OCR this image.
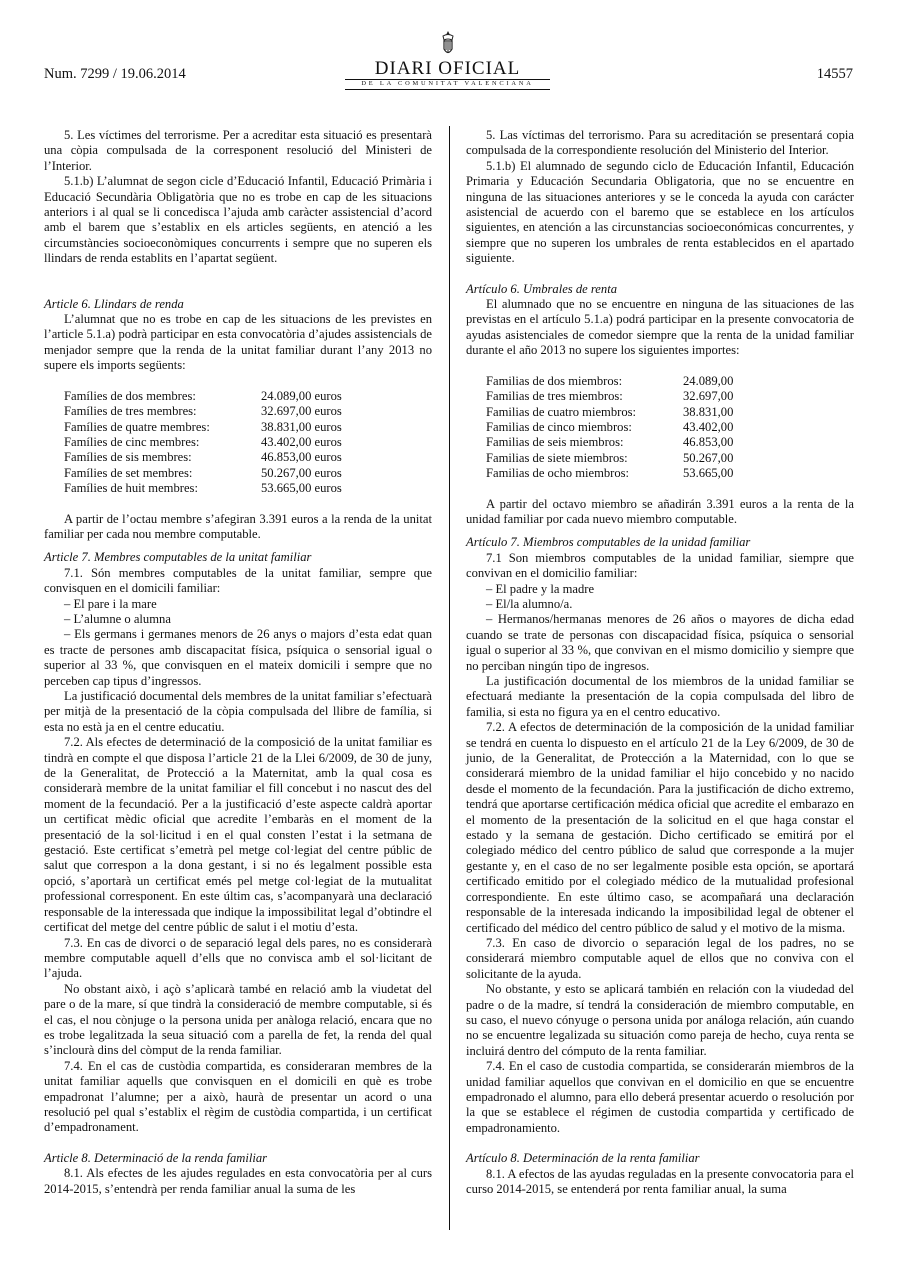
Num. 7299 / 19.06.2014	DIARI OFICIAL
DE LA COMUNITAT VALENCIANA
14557

5. Les víctimes del terrorisme. Per a acreditar esta situació es presentarà una còpia compulsada de la corresponent resolució del Ministeri de l’Interior.

5.1.b) L’alumnat de segon cicle d’Educació Infantil, Educació Primària i Educació Secundària Obligatòria que no es trobe en cap de les situacions anteriors i al qual se li concedisca l’ajuda amb caràcter assistencial d’acord amb el barem que s’establix en els articles següents, en atenció a les circumstàncies socioeconòmiques concurrents i sempre que no superen els llindars de renda establits en l’apartat següent.

Article 6. Llindars de renda

L’alumnat que no es trobe en cap de les situacions de les previstes en l’article 5.1.a) podrà participar en esta convocatòria d’ajudes assistencials de menjador sempre que la renda de la unitat familiar durant l’any 2013 no supere els imports següents:

Famílies de dos membres:	24.089,00 euros
Famílies de tres membres:	32.697,00 euros
Famílies de quatre membres:	38.831,00 euros
Famílies de cinc membres:	43.402,00 euros
Famílies de sis membres:	46.853,00 euros
Famílies de set membres:	50.267,00 euros
Famílies de huit membres:	53.665,00 euros

A partir de l’octau membre s’afegiran 3.391 euros a la renda de la unitat familiar per cada nou membre computable.

Article 7. Membres computables de la unitat familiar

7.1. Són membres computables de la unitat familiar, sempre que convisquen en el domicili familiar:

– El pare i la mare

– L’alumne o alumna

– Els germans i germanes menors de 26 anys o majors d’esta edat quan es tracte de persones amb discapacitat física, psíquica o sensorial igual o superior al 33 %, que convisquen en el mateix domicili i sempre que no perceben cap tipus d’ingressos.

La justificació documental dels membres de la unitat familiar s’efectuarà per mitjà de la presentació de la còpia compulsada del llibre de família, si esta no està ja en el centre educatiu.

7.2. Als efectes de determinació de la composició de la unitat familiar es tindrà en compte el que disposa l’article 21 de la Llei 6/2009, de 30 de juny, de la Generalitat, de Protecció a la Maternitat, amb la qual cosa es considerarà membre de la unitat familiar el fill concebut i no nascut des del moment de la fecundació. Per a la justificació d’este aspecte caldrà aportar un certificat mèdic oficial que acredite l’embaràs en el moment de la presentació de la sol·licitud i en el qual consten l’estat i la setmana de gestació. Este certificat s’emetrà pel metge col·legiat del centre públic de salut que correspon a la dona gestant, i si no és legalment possible esta opció, s’aportarà un certificat emés pel metge col·legiat de la mutualitat professional corresponent. En este últim cas, s’acompanyarà una declaració responsable de la interessada que indique la impossibilitat legal d’obtindre el certificat del metge del centre públic de salut i el motiu d’esta.

7.3. En cas de divorci o de separació legal dels pares, no es considerarà membre computable aquell d’ells que no convisca amb el sol·licitant de l’ajuda.

No obstant això, i açò s’aplicarà també en relació amb la viudetat del pare o de la mare, sí que tindrà la consideració de membre computable, si és el cas, el nou cònjuge o la persona unida per anàloga relació, encara que no es trobe legalitzada la seua situació com a parella de fet, la renda del qual s’inclourà dins del còmput de la renda familiar.

7.4. En el cas de custòdia compartida, es consideraran membres de la unitat familiar aquells que convisquen en el domicili en què es trobe empadronat l’alumne; per a això, haurà de presentar un acord o una resolució pel qual s’establix el règim de custòdia compartida, i un certificat d’empadronament.

Article 8. Determinació de la renda familiar

8.1. Als efectes de les ajudes regulades en esta convocatòria per al curs 2014-2015, s’entendrà per renda familiar anual la suma de les

5. Las víctimas del terrorismo. Para su acreditación se presentará copia compulsada de la correspondiente resolución del Ministerio del Interior.

5.1.b) El alumnado de segundo ciclo de Educación Infantil, Educación Primaria y Educación Secundaria Obligatoria, que no se encuentre en ninguna de las situaciones anteriores y se le conceda la ayuda con carácter asistencial de acuerdo con el baremo que se establece en los artículos siguientes, en atención a las circunstancias socioeconómicas concurrentes, y siempre que no superen los umbrales de renta establecidos en el apartado siguiente.

Artículo 6. Umbrales de renta

El alumnado que no se encuentre en ninguna de las situaciones de las previstas en el artículo 5.1.a) podrá participar en la presente convocatoria de ayudas asistenciales de comedor siempre que la renta de la unidad familiar durante el año 2013 no supere los siguientes importes:

Familias de dos miembros:	24.089,00
Familias de tres miembros:	32.697,00
Familias de cuatro miembros:	38.831,00
Familias de cinco miembros:	43.402,00
Familias de seis miembros:	46.853,00
Familias de siete miembros:	50.267,00
Familias de ocho miembros:	53.665,00

A partir del octavo miembro se añadirán 3.391 euros a la renta de la unidad familiar por cada nuevo miembro computable.

Artículo 7. Miembros computables de la unidad familiar

7.1 Son miembros computables de la unidad familiar, siempre que convivan en el domicilio familiar:

– El padre y la madre

– El/la alumno/a.

– Hermanos/hermanas menores de 26 años o mayores de dicha edad cuando se trate de personas con discapacidad física, psíquica o sensorial igual o superior al 33 %, que convivan en el mismo domicilio y siempre que no perciban ningún tipo de ingresos.

La justificación documental de los miembros de la unidad familiar se efectuará mediante la presentación de la copia compulsada del libro de familia, si esta no figura ya en el centro educativo.

7.2. A efectos de determinación de la composición de la unidad familiar se tendrá en cuenta lo dispuesto en el artículo 21 de la Ley 6/2009, de 30 de junio, de la Generalitat, de Protección a la Maternidad, con lo que se considerará miembro de la unidad familiar el hijo concebido y no nacido desde el momento de la fecundación. Para la justificación de dicho extremo, tendrá que aportarse certificación médica oficial que acredite el embarazo en el momento de la presentación de la solicitud en el que haga constar el estado y la semana de gestación. Dicho certificado se emitirá por el colegiado médico del centro público de salud que corresponde a la mujer gestante y, en el caso de no ser legalmente posible esta opción, se aportará certificado emitido por el colegiado médico de la mutualidad profesional correspondiente. En este último caso, se acompañará una declaración responsable de la interesada indicando la imposibilidad legal de obtener el certificado del médico del centro público de salud y el motivo de la misma.

7.3. En caso de divorcio o separación legal de los padres, no se considerará miembro computable aquel de ellos que no conviva con el solicitante de la ayuda.

No obstante, y esto se aplicará también en relación con la viudedad del padre o de la madre, sí tendrá la consideración de miembro computable, en su caso, el nuevo cónyuge o persona unida por análoga relación, aún cuando no se encuentre legalizada su situación como pareja de hecho, cuya renta se incluirá dentro del cómputo de la renta familiar.

7.4. En el caso de custodia compartida, se considerarán miembros de la unidad familiar aquellos que convivan en el domicilio en que se encuentre empadronado el alumno, para ello deberá presentar acuerdo o resolución por la que se establece el régimen de custodia compartida y certificado de empadronamiento.

Artículo 8. Determinación de la renta familiar

8.1. A efectos de las ayudas reguladas en la presente convocatoria para el curso 2014-2015, se entenderá por renta familiar anual, la suma
